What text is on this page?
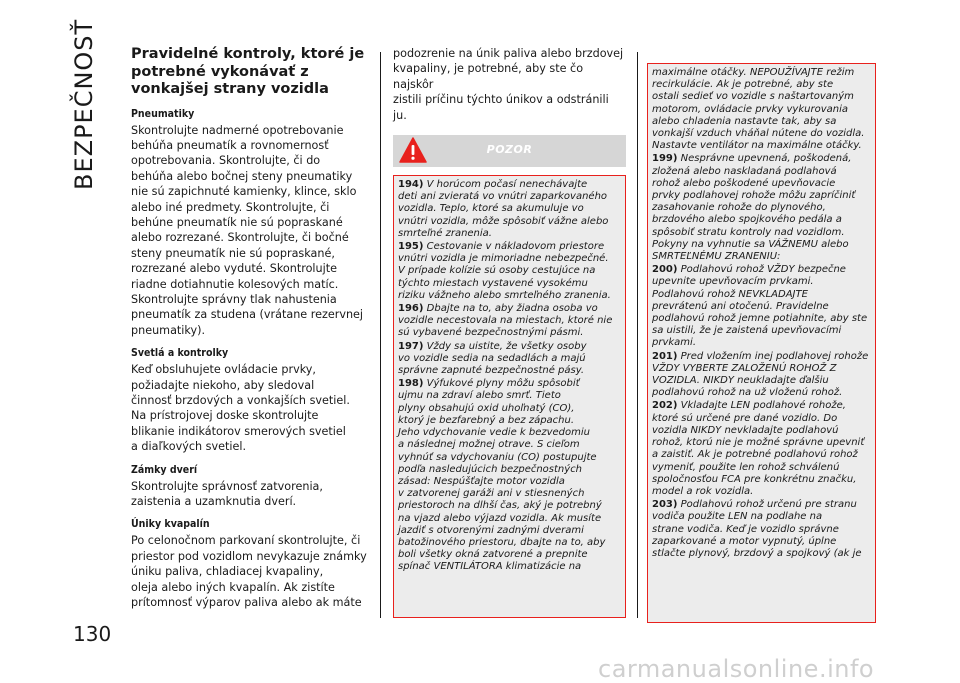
BEZPEČNOSŤ
130
Pravidelné kontroly, ktoré je potrebné vykonávať z vonkajšej strany vozidla
Pneumatiky

Skontrolujte nadmerné opotrebovanie
behúňa pneumatík a rovnomernosť
opotrebovania. Skontrolujte, či do
behúňa alebo bočnej steny pneumatiky
nie sú zapichnuté kamienky, klince, sklo
alebo iné predmety. Skontrolujte, či
behúne pneumatík nie sú popraskané
alebo rozrezané. Skontrolujte, či bočné
steny pneumatík nie sú popraskané,
rozrezané alebo vyduté. Skontrolujte
riadne dotiahnutie kolesových matíc.
Skontrolujte správny tlak nahustenia
pneumatík za studena (vrátane rezervnej
pneumatiky).

Svetlá a kontrolky

Keď obsluhujete ovládacie prvky,
požiadajte niekoho, aby sledoval
činnosť brzdových a vonkajších svetiel.
Na prístrojovej doske skontrolujte
blikanie indikátorov smerových svetiel
a diaľkových svetiel.

Zámky dverí

Skontrolujte správnosť zatvorenia,
zaistenia a uzamknutia dverí.

Úniky kvapalín

Po celonočnom parkovaní skontrolujte, či
priestor pod vozidlom nevykazuje známky
úniku paliva, chladiacej kvapaliny,
oleja alebo iných kvapalín. Ak zistíte
prítomnosť výparov paliva alebo ak máte

podozrenie na únik paliva alebo brzdovej
kvapaliny, je potrebné, aby ste čo najskôr
zistili príčinu týchto únikov a odstránili
ju.

POZOR

194) V horúcom počasí nenechávajte
deti ani zvieratá vo vnútri zaparkovaného
vozidla. Teplo, ktoré sa akumuluje vo
vnútri vozidla, môže spôsobiť vážne alebo
smrteľné zranenia.

195) Cestovanie v nákladovom priestore
vnútri vozidla je mimoriadne nebezpečné.
V prípade kolízie sú osoby cestujúce na
týchto miestach vystavené vysokému
riziku vážneho alebo smrteľného zranenia.

196) Dbajte na to, aby žiadna osoba vo
vozidle necestovala na miestach, ktoré nie
sú vybavené bezpečnostnými pásmi.

197) Vždy sa uistite, že všetky osoby
vo vozidle sedia na sedadlách a majú
správne zapnuté bezpečnostné pásy.

198) Výfukové plyny môžu spôsobiť
ujmu na zdraví alebo smrť. Tieto
plyny obsahujú oxid uhoľnatý (CO),
ktorý je bezfarebný a bez zápachu.
Jeho vdychovanie vedie k bezvedomiu
a následnej možnej otrave. S cieľom
vyhnúť sa vdychovaniu (CO) postupujte
podľa nasledujúcich bezpečnostných
zásad: Nespúšťajte motor vozidla
v zatvorenej garáži ani v stiesnených
priestoroch na dlhší čas, aký je potrebný
na vjazd alebo výjazd vozidla. Ak musíte
jazdiť s otvorenými zadnými dverami
batožinového priestoru, dbajte na to, aby
boli všetky okná zatvorené a prepnite
spínač VENTILÁTORA klimatizácie na

maximálne otáčky. NEPOUŽÍVAJTE režim
recirkulácie. Ak je potrebné, aby ste
ostali sedieť vo vozidle s naštartovaným
motorom, ovládacie prvky vykurovania
alebo chladenia nastavte tak, aby sa
vonkajší vzduch vháňal nútene do vozidla.
Nastavte ventilátor na maximálne otáčky.

199) Nesprávne upevnená, poškodená,
zložená alebo naskladaná podlahová
rohož alebo poškodené upevňovacie
prvky podlahovej rohože môžu zapríčiniť
zasahovanie rohože do plynového,
brzdového alebo spojkového pedála a
spôsobiť stratu kontroly nad vozidlom.
Pokyny na vyhnutie sa VÁŽNEMU alebo
SMRTEĽNÉMU ZRANENIU:

200) Podlahovú rohož VŽDY bezpečne
upevnite upevňovacím prvkami.
Podlahovú rohož NEVKLADAJTE
prevrátenú ani otočenú. Pravidelne
podlahovú rohož jemne potiahnite, aby ste
sa uistili, že je zaistená upevňovacími
prvkami.

201) Pred vložením inej podlahovej rohože
VŽDY VYBERTE ZALOŽENÚ ROHOŽ Z
VOZIDLA. NIKDY neukladajte ďalšiu
podlahovú rohož na už vloženú rohož.

202) Vkladajte LEN podlahové rohože,
ktoré sú určené pre dané vozidlo. Do
vozidla NIKDY nevkladajte podlahovú
rohož, ktorú nie je možné správne upevniť
a zaistiť. Ak je potrebné podlahovú rohož
vymeniť, použite len rohož schválenú
spoločnosťou FCA pre konkrétnu značku,
model a rok vozidla.

203) Podlahovú rohož určenú pre stranu
vodiča použite LEN na podlahe na
strane vodiča. Keď je vozidlo správne
zaparkované a motor vypnutý, úplne
stlačte plynový, brzdový a spojkový (ak je

carmanualsonline.info
